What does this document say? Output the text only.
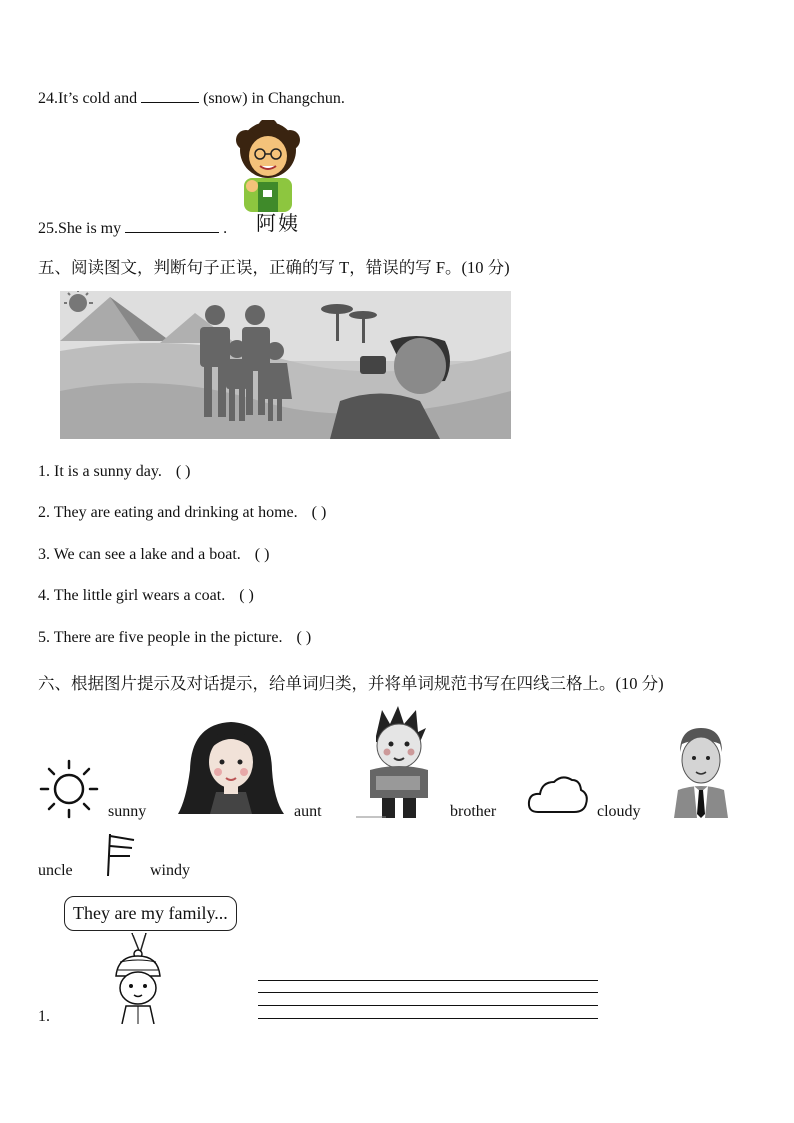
24.It’s cold and	(snow) in Changchun.
阿姨
25.She is my	.
五、阅读图文，判断句子正误，正确的写 T，错误的写 F。(10 分)
1. It is a sunny day. ( )
2. They are eating and drinking at home. ( )
3. We can see a lake and a boat. ( )
4. The little girl wears a coat. ( )
5. There are five people in the picture. ( )
六、根据图片提示及对话提示，给单词归类，并将单词规范书写在四线三格上。(10 分)
sunny	aunt	brother	cloudy
uncle	windy
They are my family...
1.
